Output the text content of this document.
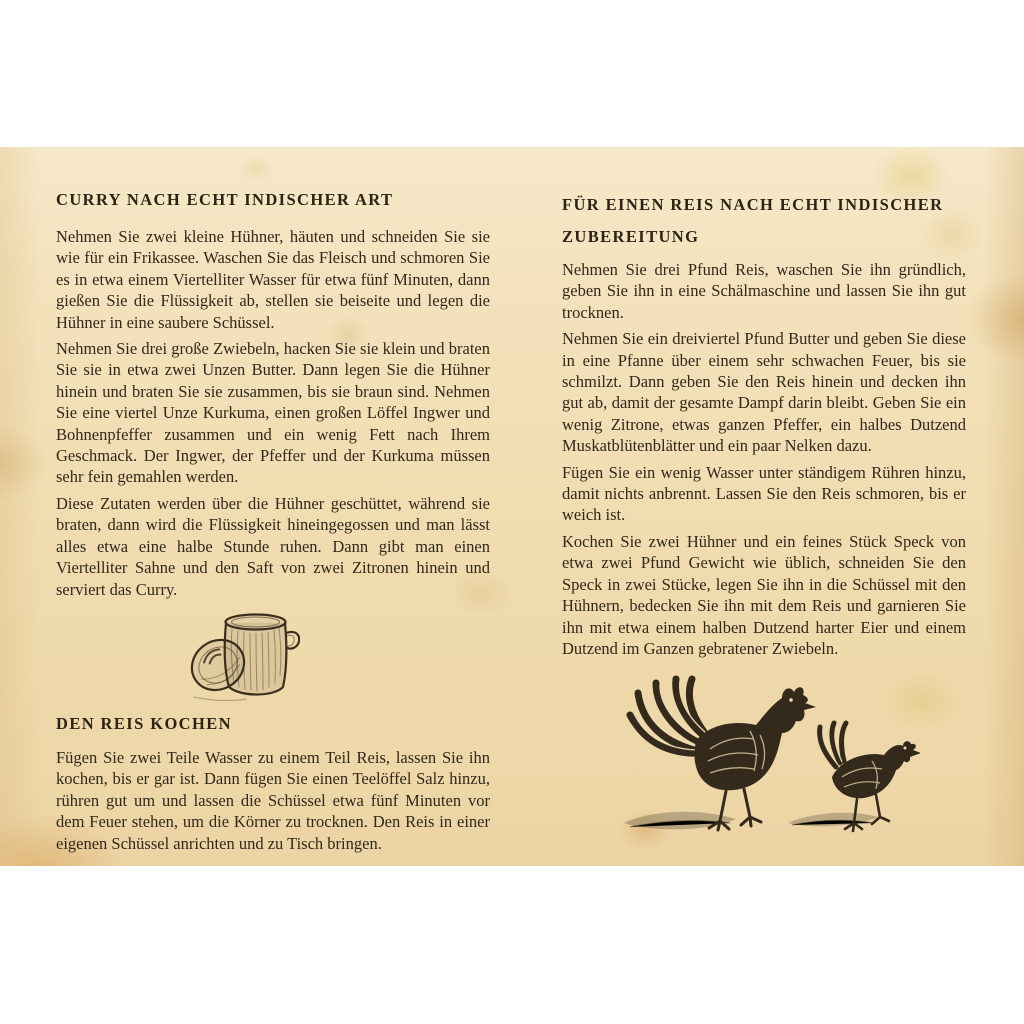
CURRY NACH ECHT INDISCHER ART

Nehmen Sie zwei kleine Hühner, häuten und schneiden Sie sie wie für ein Frikassee. Waschen Sie das Fleisch und schmoren Sie es in etwa einem Viertelliter Wasser für etwa fünf Minuten, dann gießen Sie die Flüssigkeit ab, stellen sie beiseite und legen die Hühner in eine saubere Schüssel.

Nehmen Sie drei große Zwiebeln, hacken Sie sie klein und braten Sie sie in etwa zwei Unzen Butter. Dann legen Sie die Hühner hinein und braten Sie sie zusammen, bis sie braun sind. Nehmen Sie eine viertel Unze Kurkuma, einen großen Löffel Ingwer und Bohnenpfeffer zusammen und ein wenig Fett nach Ihrem Geschmack. Der Ingwer, der Pfeffer und der Kurkuma müssen sehr fein gemahlen werden.

Diese Zutaten werden über die Hühner geschüttet, während sie braten, dann wird die Flüssigkeit hineingegossen und man lässt alles etwa eine halbe Stunde ruhen. Dann gibt man einen Viertelliter Sahne und den Saft von zwei Zitronen hinein und serviert das Curry.

DEN REIS KOCHEN

Fügen Sie zwei Teile Wasser zu einem Teil Reis, lassen Sie ihn kochen, bis er gar ist. Dann fügen Sie einen Teelöffel Salz hinzu, rühren gut um und lassen die Schüssel etwa fünf Minuten vor dem Feuer stehen, um die Körner zu trocknen. Den Reis in einer eigenen Schüssel anrichten und zu Tisch bringen.

FÜR EINEN REIS NACH ECHT INDISCHER ZUBEREITUNG

Nehmen Sie drei Pfund Reis, waschen Sie ihn gründlich, geben Sie ihn in eine Schälmaschine und lassen Sie ihn gut trocknen.

Nehmen Sie ein dreiviertel Pfund Butter und geben Sie diese in eine Pfanne über einem sehr schwachen Feuer, bis sie schmilzt. Dann geben Sie den Reis hinein und decken ihn gut ab, damit der gesamte Dampf darin bleibt. Geben Sie ein wenig Zitrone, etwas ganzen Pfeffer, ein halbes Dutzend Muskatblütenblätter und ein paar Nelken dazu.

Fügen Sie ein wenig Wasser unter ständigem Rühren hinzu, damit nichts anbrennt. Lassen Sie den Reis schmoren, bis er weich ist.

Kochen Sie zwei Hühner und ein feines Stück Speck von etwa zwei Pfund Gewicht wie üblich, schneiden Sie den Speck in zwei Stücke, legen Sie ihn in die Schüssel mit den Hühnern, bedecken Sie ihn mit dem Reis und garnieren Sie ihn mit etwa einem halben Dutzend harter Eier und einem Dutzend im Ganzen gebratener Zwiebeln.
